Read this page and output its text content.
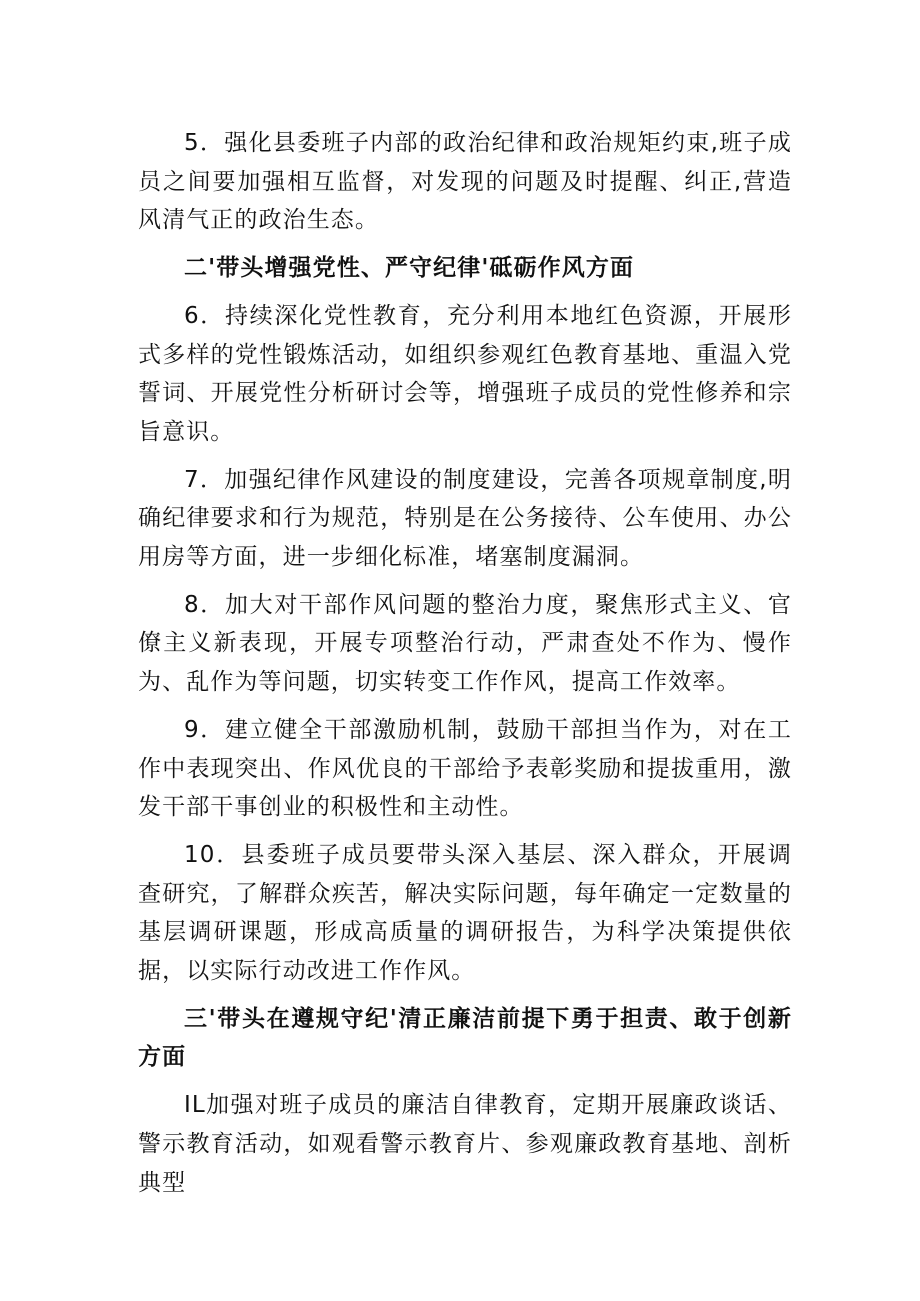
5．强化县委班子内部的政治纪律和政治规矩约束,班子成员之间要加强相互监督，对发现的问题及时提醒、纠正,营造风清气正的政治生态。

二'带头增强党性、严守纪律'砥砺作风方面

6．持续深化党性教育，充分利用本地红色资源，开展形式多样的党性锻炼活动，如组织参观红色教育基地、重温入党誓词、开展党性分析研讨会等，增强班子成员的党性修养和宗旨意识。

7．加强纪律作风建设的制度建设，完善各项规章制度,明确纪律要求和行为规范，特别是在公务接待、公车使用、办公用房等方面，进一步细化标准，堵塞制度漏洞。

8．加大对干部作风问题的整治力度，聚焦形式主义、官僚主义新表现，开展专项整治行动，严肃查处不作为、慢作为、乱作为等问题，切实转变工作作风，提高工作效率。

9．建立健全干部激励机制，鼓励干部担当作为，对在工作中表现突出、作风优良的干部给予表彰奖励和提拔重用，激发干部干事创业的积极性和主动性。

10．县委班子成员要带头深入基层、深入群众，开展调查研究，了解群众疾苦，解决实际问题，每年确定一定数量的基层调研课题，形成高质量的调研报告，为科学决策提供依据，以实际行动改进工作作风。

三'带头在遵规守纪'清正廉洁前提下勇于担责、敢于创新方面

IL加强对班子成员的廉洁自律教育，定期开展廉政谈话、警示教育活动，如观看警示教育片、参观廉政教育基地、剖析典型
